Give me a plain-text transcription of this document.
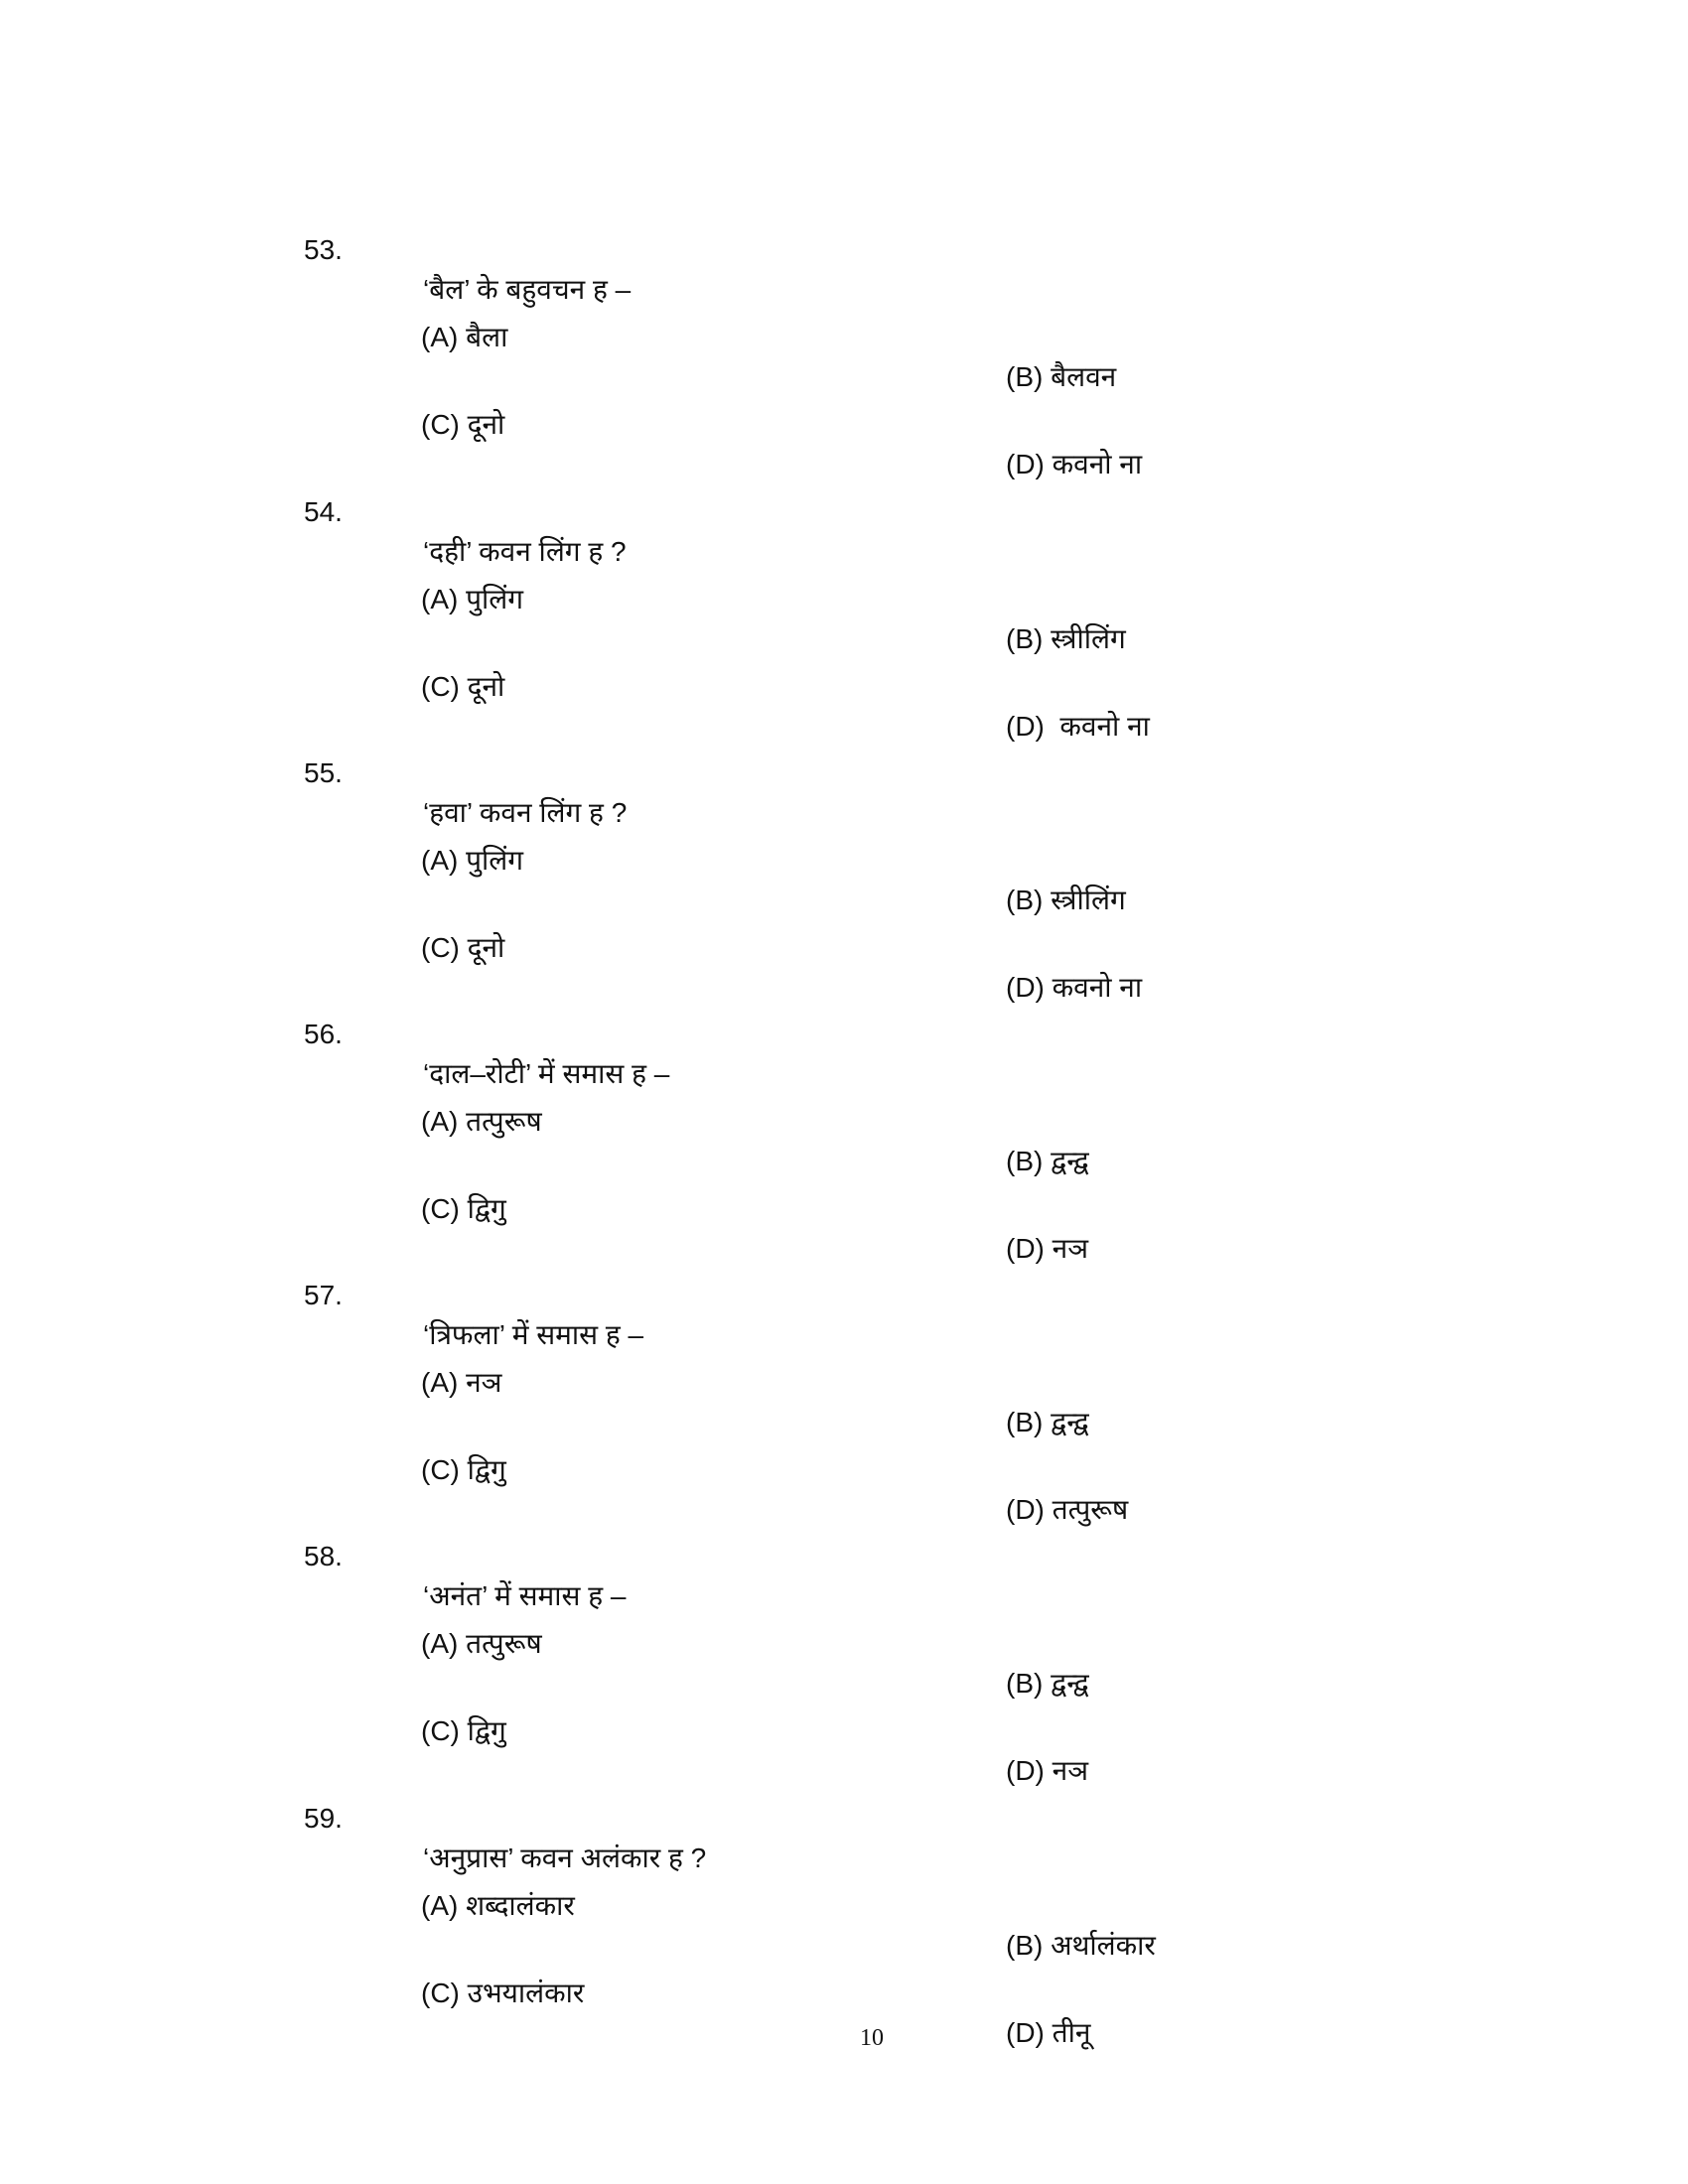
53.

‘बैल’ के बहुवचन ह –

(A) बैला

(B) बैलवन

(C) दूनो

(D) कवनो ना

54.

‘दही’ कवन लिंग ह ?

(A) पुलिंग

(B) स्त्रीलिंग

(C) दूनो

(D)  कवनो ना

55.

‘हवा’ कवन लिंग ह ?

(A) पुलिंग

(B) स्त्रीलिंग

(C) दूनो

(D) कवनो ना

56.

‘दाल–रोटी’ में समास ह –

(A) तत्पुरूष

(B) द्वन्द्व

(C) द्विगु

(D) नञ

57.

‘त्रिफला’ में समास ह –

(A) नञ

(B) द्वन्द्व

(C) द्विगु

(D) तत्पुरूष

58.

‘अनंत’ में समास ह –

(A) तत्पुरूष

(B) द्वन्द्व

(C) द्विगु

(D) नञ

59.

‘अनुप्रास’ कवन अलंकार ह ?

(A) शब्दालंकार

(B) अर्थालंकार

(C) उभयालंकार

(D) तीनू

10
